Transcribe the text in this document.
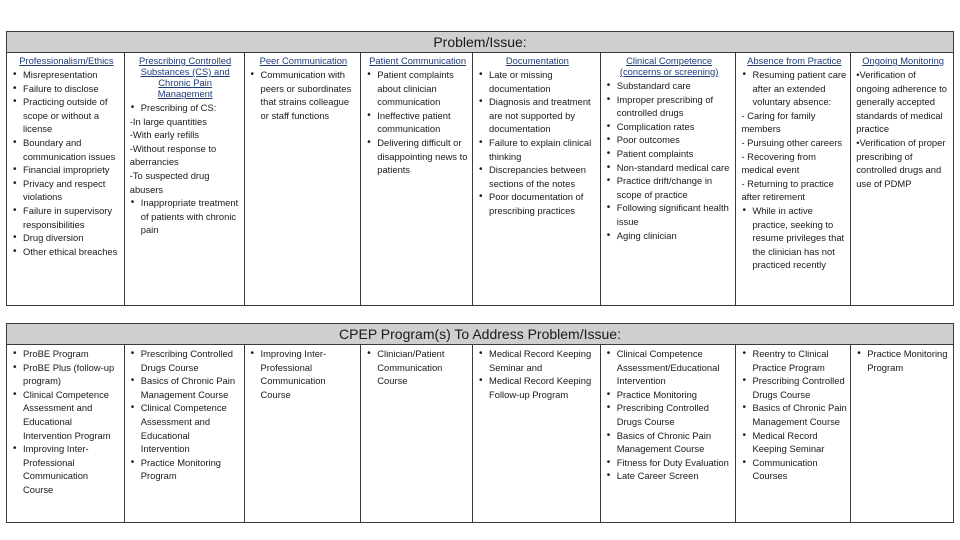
Problem/Issue:
Professionalism/Ethics
• Misrepresentation
• Failure to disclose
• Practicing outside of scope or without a license
• Boundary and communication issues
• Financial impropriety
• Privacy and respect violations
• Failure in supervisory responsibilities
• Drug diversion
• Other ethical breaches
Prescribing Controlled Substances (CS) and Chronic Pain Management
• Prescribing of CS:
-In large quantities
-With early refills
-Without response to aberrancies
-To suspected drug abusers
• Inappropriate treatment of patients with chronic pain
Peer Communication
• Communication with peers or subordinates that strains colleague or staff functions
Patient Communication
• Patient complaints about clinician communication
• Ineffective patient communication
• Delivering difficult or disappointing news to patients
Documentation
• Late or missing documentation
• Diagnosis and treatment are not supported by documentation
• Failure to explain clinical thinking
• Discrepancies between sections of the notes
• Poor documentation of prescribing practices
Clinical Competence (concerns or screening)
• Substandard care
• Improper prescribing of controlled drugs
• Complication rates
• Poor outcomes
• Patient complaints
• Non-standard medical care
• Practice drift/change in scope of practice
• Following significant health issue
• Aging clinician
Absence from Practice
• Resuming patient care after an extended voluntary absence:
- Caring for family members
- Pursuing other careers
- Recovering from medical event
- Returning to practice after retirement
• While in active practice, seeking to resume privileges that the clinician has not practiced recently
Ongoing Monitoring
•Verification of ongoing adherence to generally accepted standards of medical practice
•Verification of proper prescribing of controlled drugs and use of PDMP
CPEP Program(s) To Address Problem/Issue:
• ProBE Program
• ProBE Plus (follow-up program)
• Clinical Competence Assessment and Educational Intervention Program
• Improving Inter-Professional Communication Course
• Prescribing Controlled Drugs Course
• Basics of Chronic Pain Management Course
• Clinical Competence Assessment and Educational Intervention
• Practice Monitoring Program
• Improving Inter-Professional Communication Course
• Clinician/Patient Communication Course
• Medical Record Keeping Seminar and
• Medical Record Keeping Follow-up Program
• Clinical Competence Assessment/Educational Intervention
• Practice Monitoring
• Prescribing Controlled Drugs Course
• Basics of Chronic Pain Management Course
• Fitness for Duty Evaluation
• Late Career Screen
• Reentry to Clinical Practice Program
• Prescribing Controlled Drugs Course
• Basics of Chronic Pain Management Course
• Medical Record Keeping Seminar
• Communication Courses
• Practice Monitoring Program
